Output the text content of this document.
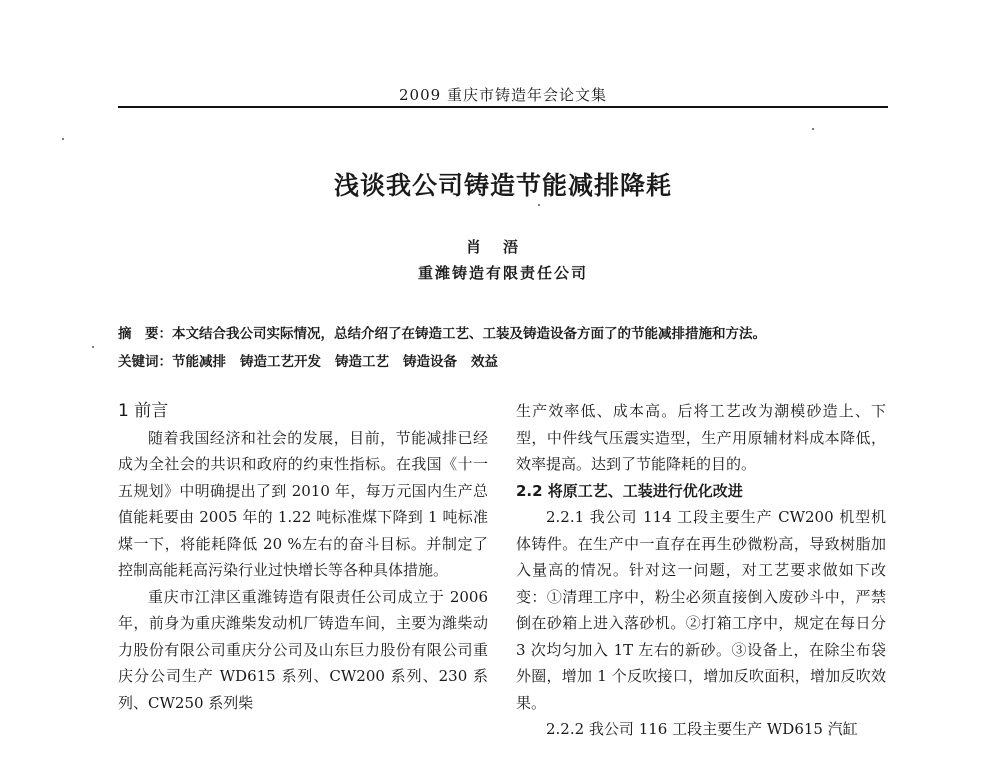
2009 重庆市铸造年会论文集
浅谈我公司铸造节能减排降耗
肖浯
重潍铸造有限责任公司
摘　要：本文结合我公司实际情况，总结介绍了在铸造工艺、工装及铸造设备方面了的节能减排措施和方法。
关键词：节能减排 铸造工艺开发 铸造工艺 铸造设备 效益

1 前言

随着我国经济和社会的发展，目前，节能减排已经成为全社会的共识和政府的约束性指标。在我国《十一五规划》中明确提出了到 2010 年，每万元国内生产总值能耗要由 2005 年的 1.22 吨标准煤下降到 1 吨标准煤一下，将能耗降低 20 %左右的奋斗目标。并制定了控制高能耗高污染行业过快增长等各种具体措施。

重庆市江津区重潍铸造有限责任公司成立于 2006 年，前身为重庆潍柴发动机厂铸造车间，主要为潍柴动力股份有限公司重庆分公司及山东巨力股份有限公司重庆分公司生产 WD615 系列、CW200 系列、230 系列、CW250 系列柴

生产效率低、成本高。后将工艺改为潮模砂造上、下型，中件线气压震实造型，生产用原辅材料成本降低，效率提高。达到了节能降耗的目的。

2.2 将原工艺、工装进行优化改进

2.2.1 我公司 114 工段主要生产 CW200 机型机体铸件。在生产中一直存在再生砂微粉高，导致树脂加入量高的情况。针对这一问题，对工艺要求做如下改变：①清理工序中，粉尘必须直接倒入废砂斗中，严禁倒在砂箱上进入落砂机。②打箱工序中，规定在每日分 3 次均匀加入 1T 左右的新砂。③设备上，在除尘布袋外圈，增加 1 个反吹接口，增加反吹面积，增加反吹效果。

2.2.2 我公司 116 工段主要生产 WD615 汽缸
